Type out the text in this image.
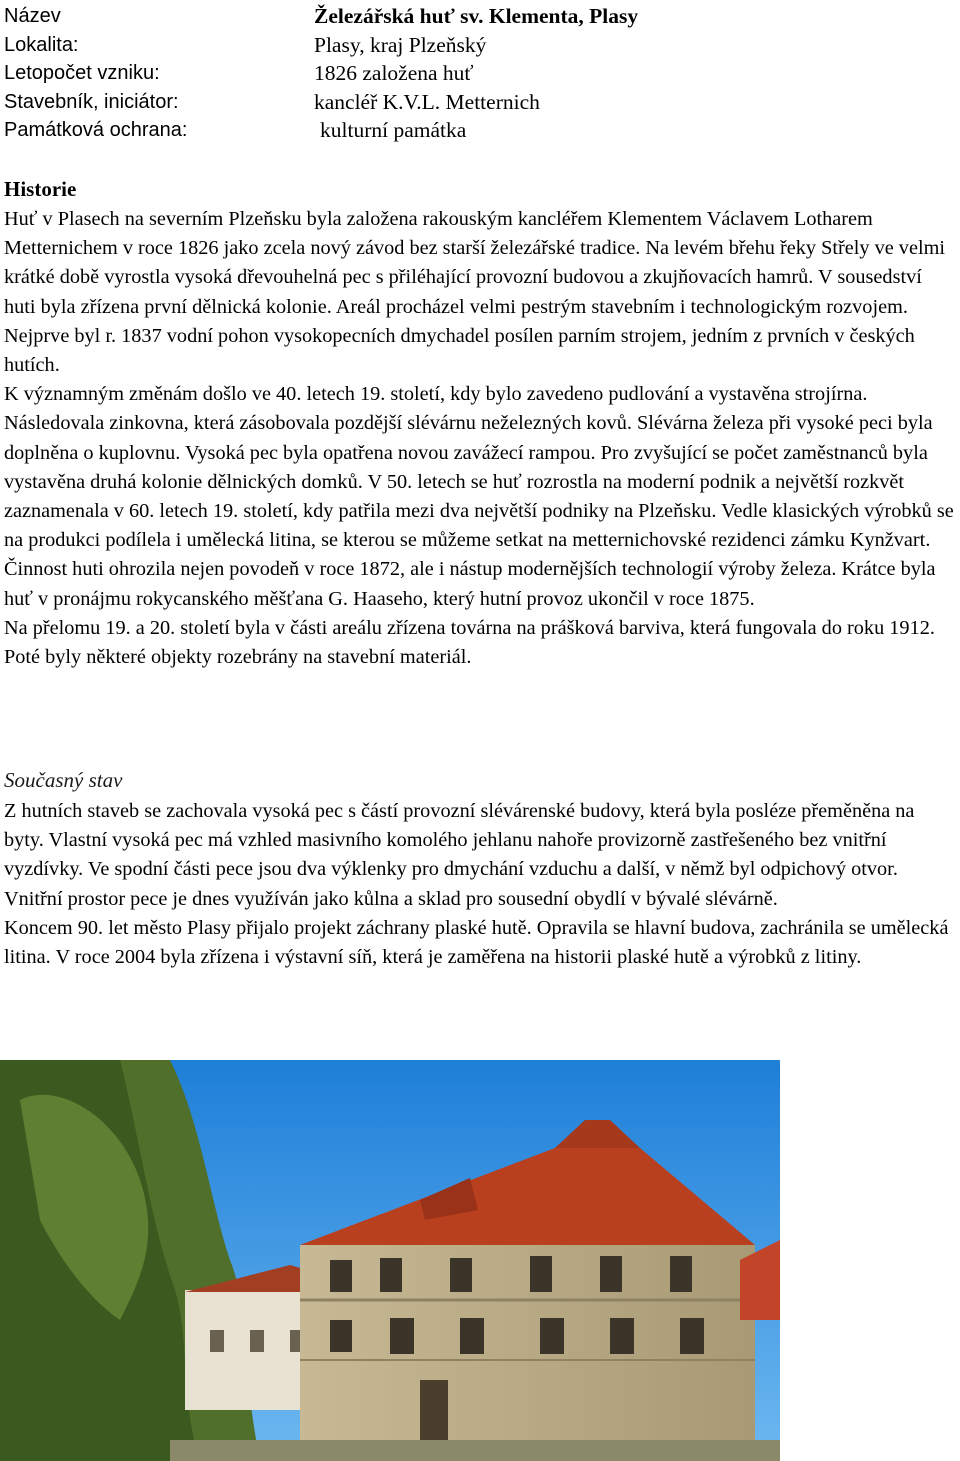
Název	Železářská huť sv. Klementa, Plasy
Lokalita:	Plasy, kraj Plzeňský
Letopočet vzniku:	1826 založena huť
Stavebník, iniciátor:	kancléř K.V.L. Metternich
Památková ochrana:	kulturní památka
Historie

Huť v Plasech na severním Plzeňsku byla založena rakouským kancléřem Klementem Václavem Lotharem Metternichem v roce 1826 jako zcela nový závod bez starší železářské tradice. Na levém břehu řeky Střely ve velmi krátké době vyrostla vysoká dřevouhelná pec s přiléhající provozní budovou a zkujňovacích hamrů. V sousedství huti byla zřízena první dělnická kolonie. Areál procházel velmi pestrým stavebním i technologickým rozvojem.

Nejprve byl r. 1837 vodní pohon vysokopecních dmychadel posílen parním strojem, jedním z prvních v českých hutích.

K významným změnám došlo ve 40. letech 19. století, kdy bylo zavedeno pudlování a vystavěna strojírna. Následovala zinkovna, která zásobovala pozdější slévárnu neželezných kovů. Slévárna železa při vysoké peci byla doplněna o kuplovnu. Vysoká pec byla opatřena novou zavážecí rampou. Pro zvyšující se počet zaměstnanců byla vystavěna druhá kolonie dělnických domků. V 50. letech se huť rozrostla na moderní podnik a největší rozkvět zaznamenala v 60. letech 19. století, kdy patřila mezi dva největší podniky na Plzeňsku. Vedle klasických výrobků se na produkci podílela i umělecká litina, se kterou se můžeme setkat na metternichovské rezidenci zámku Kynžvart. Činnost huti ohrozila nejen povodeň v roce 1872, ale i nástup modernějších technologií výroby železa. Krátce byla huť v pronájmu rokycanského měšťana G. Haaseho, který hutní provoz ukončil v roce 1875.

Na přelomu 19. a 20. století byla v části areálu zřízena továrna na prášková barviva, která fungovala do roku 1912. Poté byly některé objekty rozebrány na stavební materiál.

Současný stav

Z hutních staveb se zachovala vysoká pec s částí provozní slévárenské budovy, která byla posléze přeměněna na byty. Vlastní vysoká pec má vzhled masivního komolého jehlanu nahoře provizorně zastřešeného bez vnitřní vyzdívky. Ve spodní části pece jsou dva výklenky pro dmychání vzduchu a další, v němž byl odpichový otvor. Vnitřní prostor pece je dnes využíván jako kůlna a sklad pro sousední obydlí v bývalé slévárně.

Koncem 90. let město Plasy přijalo projekt záchrany plaské hutě. Opravila se hlavní budova, zachránila se umělecká litina. V roce 2004 byla zřízena i výstavní síň, která je zaměřena na historii plaské hutě a výrobků z litiny.
